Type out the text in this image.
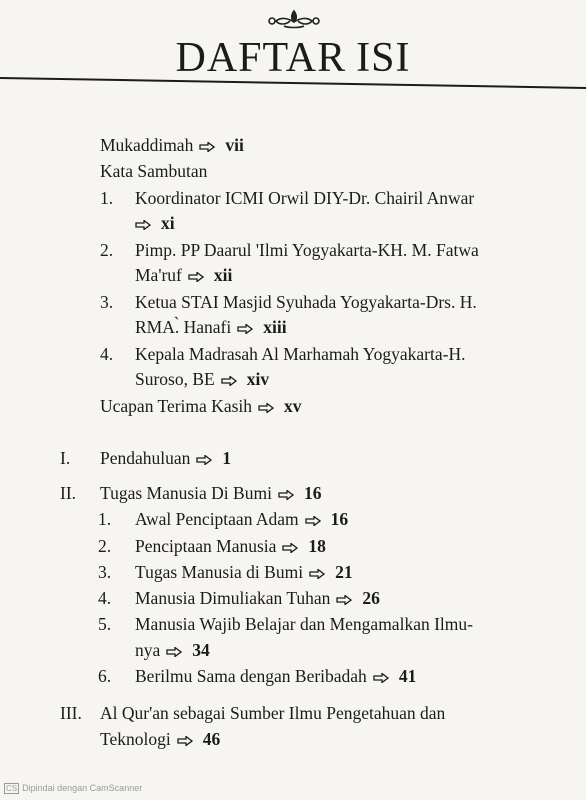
DAFTAR ISI
Mukaddimah vii
Kata Sambutan
1. Koordinator ICMI Orwil DIY-Dr. Chairil Anwar
xi
2. Pimp. PP Daarul 'Ilmi Yogyakarta-KH. M. Fatwa
Ma'ruf xii
3. Ketua STAI Masjid Syuhada Yogyakarta-Drs. H.
RMA.̀ Hanafi xiii
4. Kepala Madrasah Al Marhamah Yogyakarta-H.
Suroso, BE xiv
Ucapan Terima Kasih xv
I. Pendahuluan 1
II. Tugas Manusia Di Bumi 16
1. Awal Penciptaan Adam 16
2. Penciptaan Manusia 18
3. Tugas Manusia di Bumi 21
4. Manusia Dimuliakan Tuhan 26
5. Manusia Wajib Belajar dan Mengamalkan Ilmu-
nya 34
6. Berilmu Sama dengan Beribadah 41
III. Al Qur'an sebagai Sumber Ilmu Pengetahuan dan
Teknologi 46
CS Dipindai dengan CamScanner
